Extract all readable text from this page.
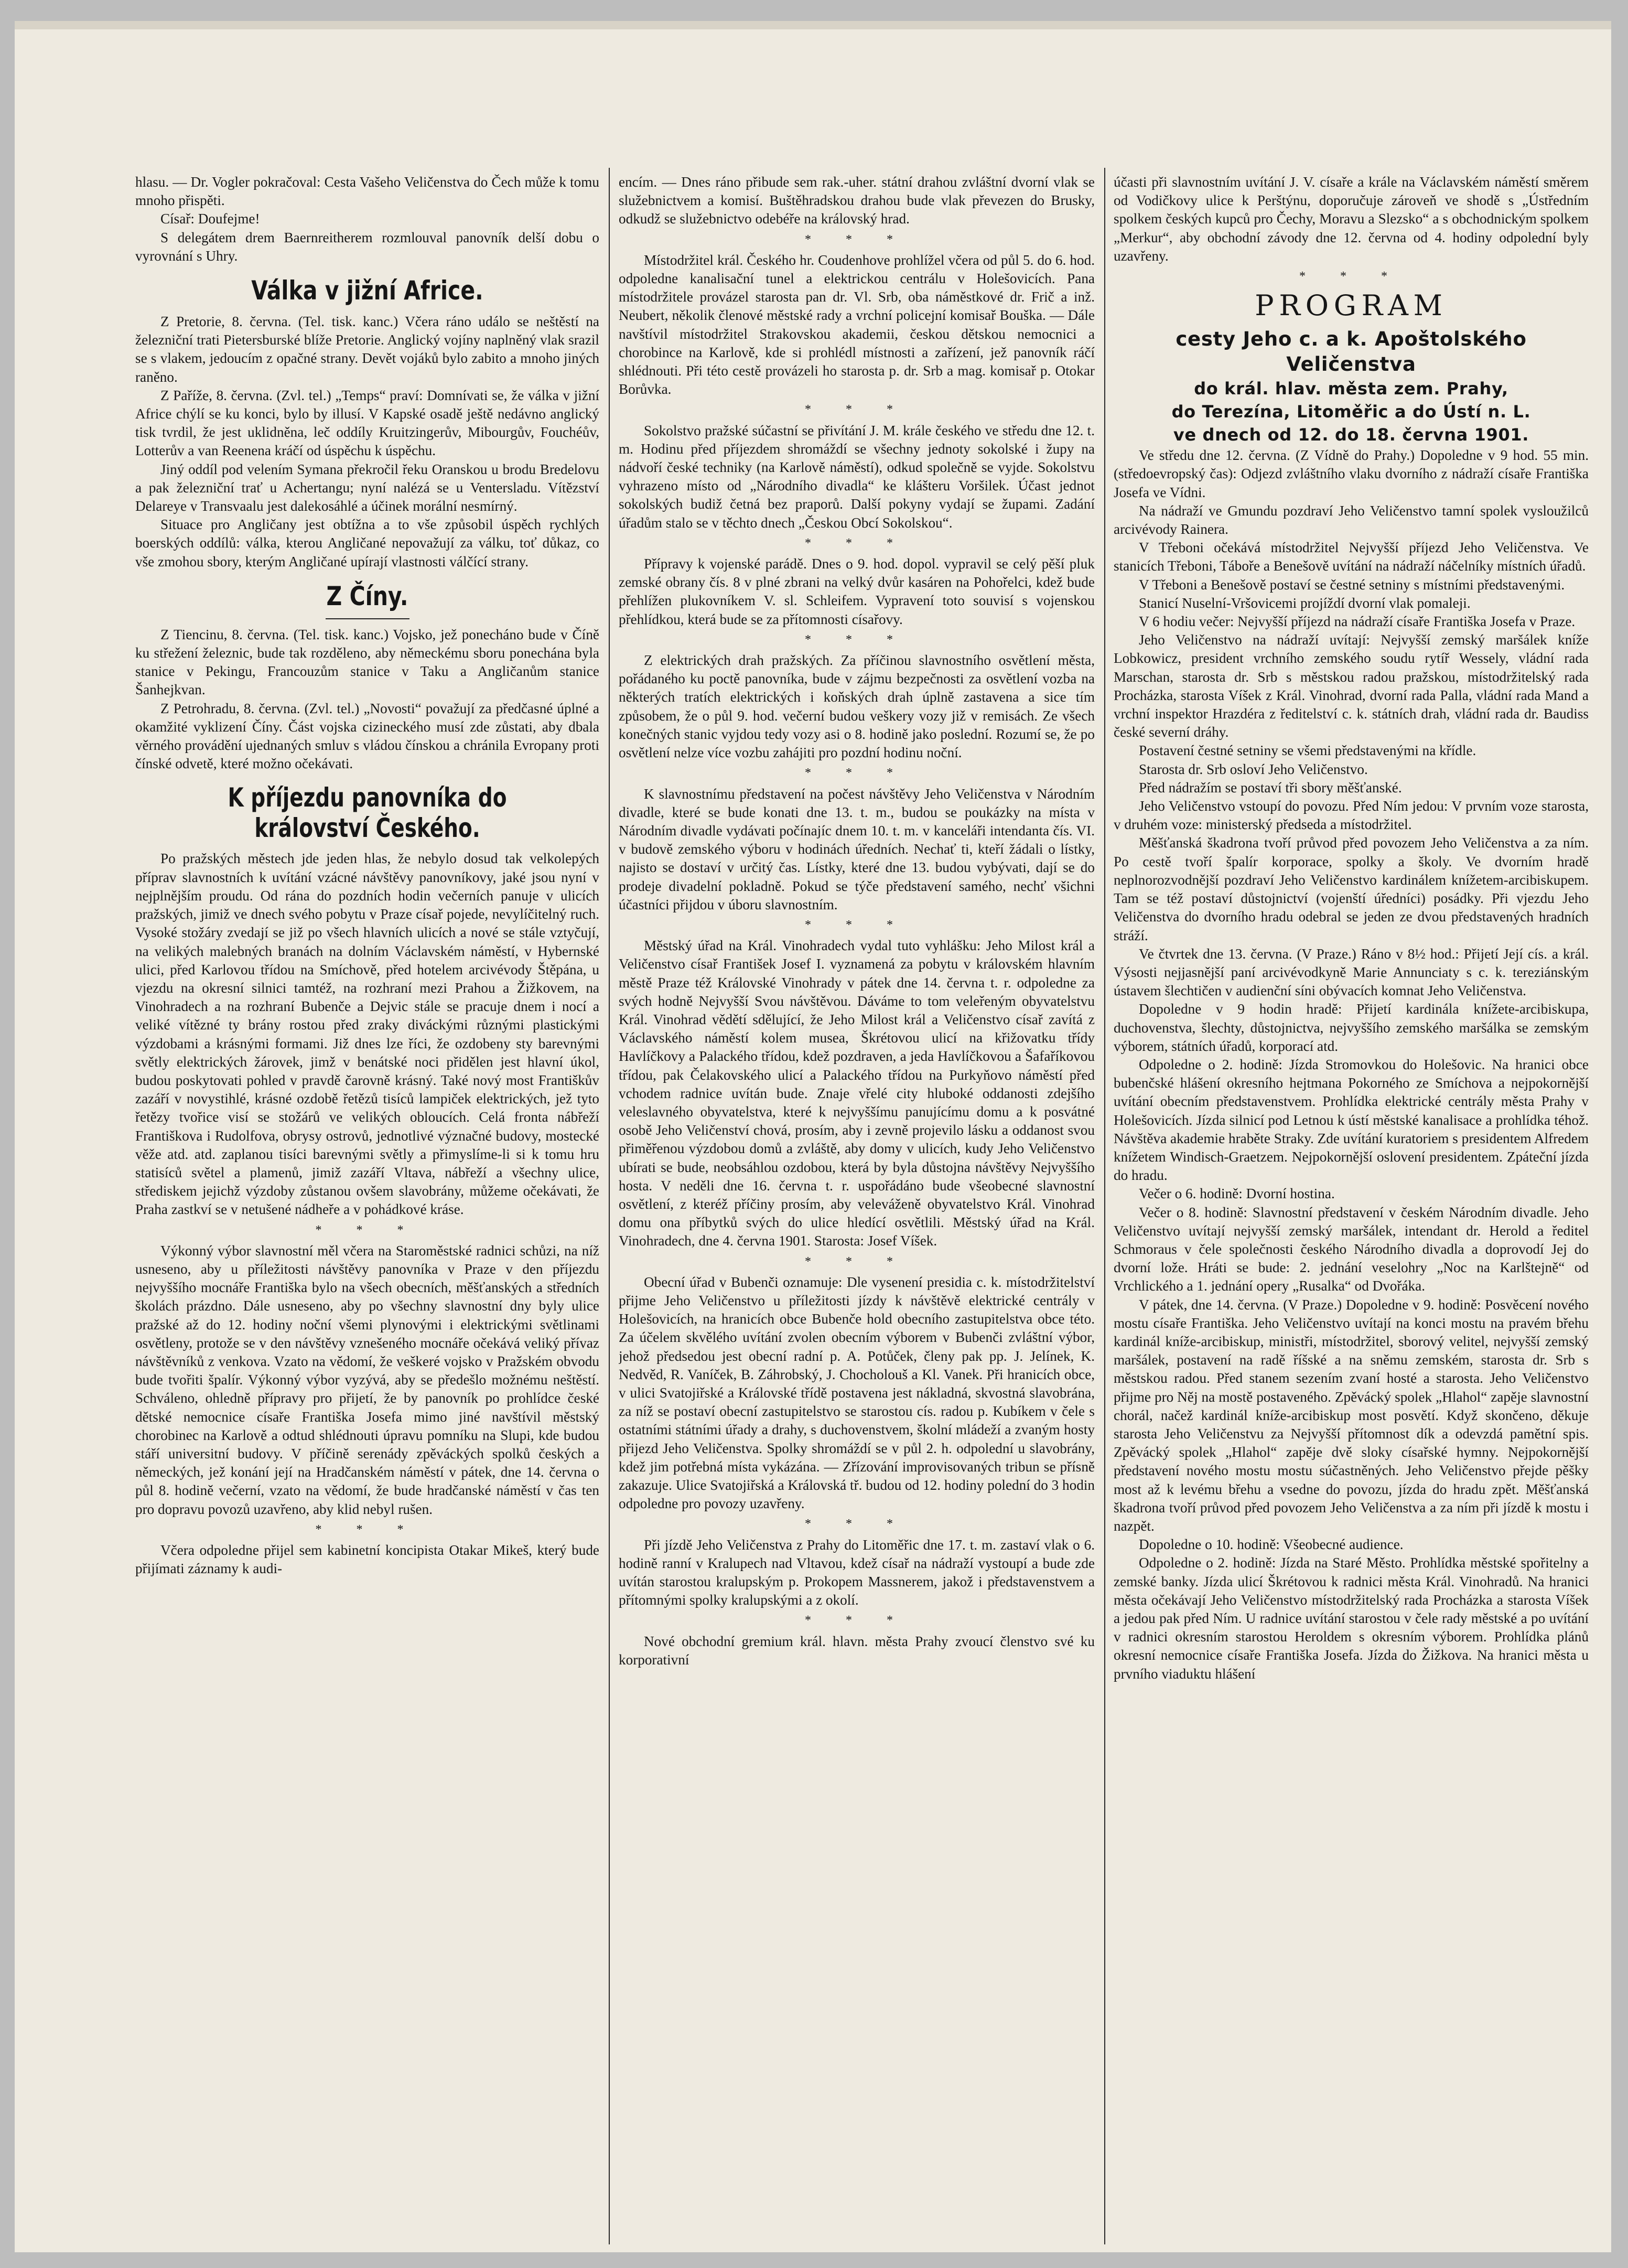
hlasu. — Dr. Vogler pokračoval: Cesta Vašeho Veličenstva do Čech může k tomu mnoho přispěti.

Císař: Doufejme!

S delegátem drem Baernreitherem rozmlouval panovník delší dobu o vyrovnání s Uhry.

Válka v jižní Africe.

Z Pretorie, 8. června. (Tel. tisk. kanc.) Včera ráno událo se neštěstí na železniční trati Pietersburské blíže Pretorie. Anglický vojíny naplněný vlak srazil se s vlakem, jedoucím z opačné strany. Devět vojáků bylo zabito a mnoho jiných raněno.

Z Paříže, 8. června. (Zvl. tel.) „Temps“ praví: Domnívati se, že válka v jižní Africe chýlí se ku konci, bylo by illusí. V Kapské osadě ještě nedávno anglický tisk tvrdil, že jest uklidněna, leč oddíly Kruitzingerův, Mibourgův, Fouchéův, Lotterův a van Reenena kráčí od úspěchu k úspěchu.

Jiný oddíl pod velením Symana překročil řeku Oranskou u brodu Bredelovu a pak železniční trať u Achertangu; nyní nalézá se u Ventersladu. Vítězství Delareye v Transvaalu jest dalekosáhlé a účinek morální nesmírný.

Situace pro Angličany jest obtížna a to vše způsobil úspěch rychlých boerských oddílů: válka, kterou Angličané nepovažují za válku, toť důkaz, co vše zmohou sbory, kterým Angličané upírají vlastnosti válčící strany.

Z Číny.

Z Tiencinu, 8. června. (Tel. tisk. kanc.) Vojsko, jež ponecháno bude v Číně ku střežení železnic, bude tak rozděleno, aby německému sboru ponechána byla stanice v Pekingu, Francouzům stanice v Taku a Angličanům stanice Šanhejkvan.

Z Petrohradu, 8. června. (Zvl. tel.) „Novosti“ považují za předčasné úplné a okamžité vyklizení Číny. Část vojska cizineckého musí zde zůstati, aby dbala věrného provádění ujednaných smluv s vládou čínskou a chránila Evropany proti čínské odvetě, které možno očekávati.

K příjezdu panovníka do království Českého.

Po pražských městech jde jeden hlas, že nebylo dosud tak velkolepých příprav slavnostních k uvítání vzácné návštěvy panovníkovy, jaké jsou nyní v nejplnějším proudu. Od rána do pozdních hodin večerních panuje v ulicích pražských, jimiž ve dnech svého pobytu v Praze císař pojede, nevylíčitelný ruch. Vysoké stožáry zvedají se již po všech hlavních ulicích a nové se stále vztyčují, na velikých malebných branách na dolním Václavském náměstí, v Hybernské ulici, před Karlovou třídou na Smíchově, před hotelem arcivévody Štěpána, u vjezdu na okresní silnici tamtéž, na rozhraní mezi Prahou a Žižkovem, na Vinohradech a na rozhraní Bubenče a Dejvic stále se pracuje dnem i nocí a veliké vítězné ty brány rostou před zraky diváckými různými plastickými výzdobami a krásnými formami. Již dnes lze říci, že ozdobeny sty barevnými světly elektrických žárovek, jimž v benátské noci přidělen jest hlavní úkol, budou poskytovati pohled v pravdě čarovně krásný. Také nový most Františkův zazáří v novystihlé, krásné ozdobě řetězů tisíců lampiček elektrických, jež tyto řetězy tvořice visí se stožárů ve velikých obloucích. Celá fronta nábřeží Františkova i Rudolfova, obrysy ostrovů, jednotlivé význačné budovy, mostecké věže atd. atd. zaplanou tisíci barevnými světly a přimyslíme-li si k tomu hru statisíců světel a plamenů, jimiž zazáří Vltava, nábřeží a všechny ulice, střediskem jejichž výzdoby zůstanou ovšem slavobrány, můžeme očekávati, že Praha zastkví se v netušené nádheře a v pohádkové kráse.

* * *

Výkonný výbor slavnostní měl včera na Staroměstské radnici schůzi, na níž usneseno, aby u příležitosti návštěvy panovníka v Praze v den příjezdu nejvyššího mocnáře Františka bylo na všech obecních, měšťanských a středních školách prázdno. Dále usneseno, aby po všechny slavnostní dny byly ulice pražské až do 12. hodiny noční všemi plynovými i elektrickými světlinami osvětleny, protože se v den návštěvy vznešeného mocnáře očekává veliký přívaz návštěvníků z venkova. Vzato na vědomí, že veškeré vojsko v Pražském obvodu bude tvořiti špalír. Výkonný výbor vyzývá, aby se předešlo možnému neštěstí. Schváleno, ohledně přípravy pro přijetí, že by panovník po prohlídce české dětské nemocnice císaře Františka Josefa mimo jiné navštívil městský chorobinec na Karlově a odtud shlédnouti úpravu pomníku na Slupi, kde budou stáří universitní budovy. V příčině serenády zpěváckých spolků českých a německých, jež konání její na Hradčanském náměstí v pátek, dne 14. června o půl 8. hodině večerní, vzato na vědomí, že bude hradčanské náměstí v čas ten pro dopravu povozů uzavřeno, aby klid nebyl rušen.

* * *

Včera odpoledne přijel sem kabinetní koncipista Otakar Mikeš, který bude přijímati záznamy k audi-

encím. — Dnes ráno přibude sem rak.-uher. státní drahou zvláštní dvorní vlak se služebnictvem a komisí. Buštěhradskou drahou bude vlak převezen do Brusky, odkudž se služebnictvo odebéře na královský hrad.

* * *

Místodržitel král. Českého hr. Coudenhove prohlížel včera od půl 5. do 6. hod. odpoledne kanalisační tunel a elektrickou centrálu v Holešovicích. Pana místodržitele provázel starosta pan dr. Vl. Srb, oba náměstkové dr. Frič a inž. Neubert, několik členové městské rady a vrchní policejní komisař Bouška. — Dále navštívil místodržitel Strakovskou akademii, českou dětskou nemocnici a chorobince na Karlově, kde si prohlédl místnosti a zařízení, jež panovník ráčí shlédnouti. Při této cestě provázeli ho starosta p. dr. Srb a mag. komisař p. Otokar Borůvka.

* * *

Sokolstvo pražské súčastní se přivítání J. M. krále českého ve středu dne 12. t. m. Hodinu před příjezdem shromáždí se všechny jednoty sokolské i župy na nádvoří české techniky (na Karlově náměstí), odkud společně se vyjde. Sokolstvu vyhrazeno místo od „Národního divadla“ ke klášteru Voršilek. Účast jednot sokolských budiž četná bez praporů. Další pokyny vydají se župami. Zadání úřadům stalo se v těchto dnech „Českou Obcí Sokolskou“.

* * *

Přípravy k vojenské parádě. Dnes o 9. hod. dopol. vypravil se celý pěší pluk zemské obrany čís. 8 v plné zbrani na velký dvůr kasáren na Pohořelci, kdež bude přehlížen plukovníkem V. sl. Schleifem. Vypravení toto souvisí s vojenskou přehlídkou, která bude se za přítomnosti císařovy.

* * *

Z elektrických drah pražských. Za příčinou slavnostního osvětlení města, pořádaného ku poctě panovníka, bude v zájmu bezpečnosti za osvětlení vozba na některých tratích elektrických i koňských drah úplně zastavena a sice tím způsobem, že o půl 9. hod. večerní budou veškery vozy již v remisách. Ze všech konečných stanic vyjdou tedy vozy asi o 8. hodině jako poslední. Rozumí se, že po osvětlení nelze více vozbu zahájiti pro pozdní hodinu noční.

* * *

K slavnostnímu představení na počest návštěvy Jeho Veličenstva v Národním divadle, které se bude konati dne 13. t. m., budou se poukázky na místa v Národním divadle vydávati počínajíc dnem 10. t. m. v kanceláři intendanta čís. VI. v budově zemského výboru v hodinách úředních. Nechať ti, kteří žádali o lístky, najisto se dostaví v určitý čas. Lístky, které dne 13. budou vybývati, dají se do prodeje divadelní pokladně. Pokud se týče představení samého, nechť všichni účastníci přijdou v úboru slavnostním.

* * *

Městský úřad na Král. Vinohradech vydal tuto vyhlášku: Jeho Milost král a Veličenstvo císař František Josef I. vyznamená za pobytu v královském hlavním městě Praze též Královské Vinohrady v pátek dne 14. června t. r. odpoledne za svých hodně Nejvyšší Svou návštěvou. Dáváme to tom veleřeným obyvatelstvu Král. Vinohrad vědětí sdělující, že Jeho Milost král a Veličenstvo císař zavítá z Václavského náměstí kolem musea, Škrétovou ulicí na křižovatku třídy Havlíčkovy a Palackého třídou, kdež pozdraven, a jeda Havlíčkovou a Šafaříkovou třídou, pak Čelakovského ulicí a Palackého třídou na Purkyňovo náměstí před vchodem radnice uvítán bude. Znaje vřelé city hluboké oddanosti zdejšího veleslavného obyvatelstva, které k nejvyššímu panujícímu domu a k posvátné osobě Jeho Veličenství chová, prosím, aby i zevně projevilo lásku a oddanost svou přiměřenou výzdobou domů a zvláště, aby domy v ulicích, kudy Jeho Veličenstvo ubírati se bude, neobsáhlou ozdobou, která by byla důstojna návštěvy Nejvyššího hosta. V neděli dne 16. června t. r. uspořádáno bude všeobecné slavnostní osvětlení, z kteréž příčiny prosím, aby veleváženě obyvatelstvo Král. Vinohrad domu ona příbytků svých do ulice hledící osvětlili. Městský úřad na Král. Vinohradech, dne 4. června 1901. Starosta: Josef Víšek.

* * *

Obecní úřad v Bubenči oznamuje: Dle vysenení presidia c. k. místodržitelství přijme Jeho Veličenstvo u příležitosti jízdy k návštěvě elektrické centrály v Holešovicích, na hranicích obce Bubenče hold obecního zastupitelstva obce této. Za účelem skvělého uvítání zvolen obecním výborem v Bubenči zvláštní výbor, jehož předsedou jest obecní radní p. A. Potůček, členy pak pp. J. Jelínek, K. Nedvěd, R. Vaníček, B. Záhrobský, J. Chocholouš a Kl. Vanek. Při hranicích obce, v ulici Svatojiřské a Královské třídě postavena jest nákladná, skvostná slavobrána, za níž se postaví obecní zastupitelstvo se starostou cís. radou p. Kubíkem v čele s ostatními státními úřady a drahy, s duchovenstvem, školní mládeží a zvaným hosty přijezd Jeho Veličenstva. Spolky shromáždí se v půl 2. h. odpolední u slavobrány, kdež jim potřebná místa vykázána. — Zřízování improvisovaných tribun se přísně zakazuje. Ulice Svatojiřská a Královská tř. budou od 12. hodiny polední do 3 hodin odpoledne pro povozy uzavřeny.

* * *

Při jízdě Jeho Veličenstva z Prahy do Litoměřic dne 17. t. m. zastaví vlak o 6. hodině ranní v Kralupech nad Vltavou, kdež císař na nádraží vystoupí a bude zde uvítán starostou kralupským p. Prokopem Massnerem, jakož i představenstvem a přítomnými spolky kralupskými a z okolí.

* * *

Nové obchodní gremium král. hlavn. města Prahy zvoucí členstvo své ku korporativní

účasti při slavnostním uvítání J. V. císaře a krále na Václavském náměstí směrem od Vodičkovy ulice k Perštýnu, doporučuje zároveň ve shodě s „Ústředním spolkem českých kupců pro Čechy, Moravu a Slezsko“ a s obchodnickým spolkem „Merkur“, aby obchodní závody dne 12. června od 4. hodiny odpolední byly uzavřeny.

* * *
PROGRAM
cesty Jeho c. a k. Apoštolského Veličenstva
do král. hlav. města zem. Prahy,
do Terezína, Litoměřic a do Ústí n. L.
ve dnech od 12. do 18. června 1901.

Ve středu dne 12. června. (Z Vídně do Prahy.) Dopoledne v 9 hod. 55 min. (středoevropský čas): Odjezd zvláštního vlaku dvorního z nádraží císaře Františka Josefa ve Vídni.

Na nádraží ve Gmundu pozdraví Jeho Veličenstvo tamní spolek vysloužilců arcivévody Rainera.

V Třeboni očekává místodržitel Nejvyšší příjezd Jeho Veličenstva. Ve stanicích Třeboni, Táboře a Benešově uvítání na nádraží náčelníky místních úřadů.

V Třeboni a Benešově postaví se čestné setniny s místními představenými.

Stanicí Nuselní-Vršovicemi projíždí dvorní vlak pomaleji.

V 6 hodiu večer: Nejvyšší příjezd na nádraží císaře Františka Josefa v Praze.

Jeho Veličenstvo na nádraží uvítají: Nejvyšší zemský maršálek kníže Lobkowicz, president vrchního zemského soudu rytíř Wessely, vládní rada Marschan, starosta dr. Srb s městskou radou pražskou, místodržitelský rada Procházka, starosta Víšek z Král. Vinohrad, dvorní rada Palla, vládní rada Mand a vrchní inspektor Hrazdéra z ředitelství c. k. státních drah, vládní rada dr. Baudiss české severní dráhy.

Postavení čestné setniny se všemi představenými na křídle.

Starosta dr. Srb osloví Jeho Veličenstvo.

Před nádražím se postaví tři sbory měšťanské.

Jeho Veličenstvo vstoupí do povozu. Před Ním jedou: V prvním voze starosta, v druhém voze: ministerský předseda a místodržitel.

Měšťanská škadrona tvoří průvod před povozem Jeho Veličenstva a za ním. Po cestě tvoří špalír korporace, spolky a školy. Ve dvorním hradě neplnorozvodnější pozdraví Jeho Veličenstvo kardinálem knížetem-arcibiskupem. Tam se též postaví důstojnictví (vojenští úředníci) posádky. Při vjezdu Jeho Veličenstva do dvorního hradu odebral se jeden ze dvou představených hradních stráží.

Ve čtvrtek dne 13. června. (V Praze.) Ráno v 8½ hod.: Přijetí Její cís. a král. Výsosti nejjasnější paní arcivévodkyně Marie Annunciaty s c. k. tereziánským ústavem šlechtičen v audienční síni obývacích komnat Jeho Veličenstva.

Dopoledne v 9 hodin hradě: Přijetí kardinála knížete-arcibiskupa, duchovenstva, šlechty, důstojnictva, nejvyššího zemského maršálka se zemským výborem, státních úřadů, korporací atd.

Odpoledne o 2. hodině: Jízda Stromovkou do Holešovic. Na hranici obce bubenčské hlášení okresního hejtmana Pokorného ze Smíchova a nejpokornější uvítání obecním představenstvem. Prohlídka elektrické centrály města Prahy v Holešovicích. Jízda silnicí pod Letnou k ústí městské kanalisace a prohlídka téhož. Návštěva akademie hraběte Straky. Zde uvítání kuratoriem s presidentem Alfredem knížetem Windisch-Graetzem. Nejpokornější oslovení presidentem. Zpáteční jízda do hradu.

Večer o 6. hodině: Dvorní hostina.

Večer o 8. hodině: Slavnostní představení v českém Národním divadle. Jeho Veličenstvo uvítají nejvyšší zemský maršálek, intendant dr. Herold a ředitel Schmoraus v čele společnosti českého Národního divadla a doprovodí Jej do dvorní lože. Hráti se bude: 2. jednání veselohry „Noc na Karlštejně“ od Vrchlického a 1. jednání opery „Rusalka“ od Dvořáka.

V pátek, dne 14. června. (V Praze.) Dopoledne v 9. hodině: Posvěcení nového mostu císaře Františka. Jeho Veličenstvo uvítají na konci mostu na pravém břehu kardinál kníže-arcibiskup, ministři, místodržitel, sborový velitel, nejvyšší zemský maršálek, postavení na radě říšské a na sněmu zemském, starosta dr. Srb s městskou radou. Před stanem sezením zvaní hosté a starosta. Jeho Veličenstvo přijme pro Něj na mostě postaveného. Zpěvácký spolek „Hlahol“ zapěje slavnostní chorál, načež kardinál kníže-arcibiskup most posvětí. Když skončeno, děkuje starosta Jeho Veličenstvu za Nejvyšší přítomnost dík a odevzdá pamětní spis. Zpěvácký spolek „Hlahol“ zapěje dvě sloky císařské hymny. Nejpokornější představení nového mostu mostu súčastněných. Jeho Veličenstvo přejde pěšky most až k levému břehu a vsedne do povozu, jízda do hradu zpět. Měšťanská škadrona tvoří průvod před povozem Jeho Veličenstva a za ním při jízdě k mostu i nazpět.

Dopoledne o 10. hodině: Všeobecné audience.

Odpoledne o 2. hodině: Jízda na Staré Město. Prohlídka městské spořitelny a zemské banky. Jízda ulicí Škrétovou k radnici města Král. Vinohradů. Na hranici města očekávají Jeho Veličenstvo místodržitelský rada Procházka a starosta Víšek a jedou pak před Ním. U radnice uvítání starostou v čele rady městské a po uvítání v radnici okresním starostou Heroldem s okresním výborem. Prohlídka plánů okresní nemocnice císaře Františka Josefa. Jízda do Žižkova. Na hranici města u prvního viaduktu hlášení
